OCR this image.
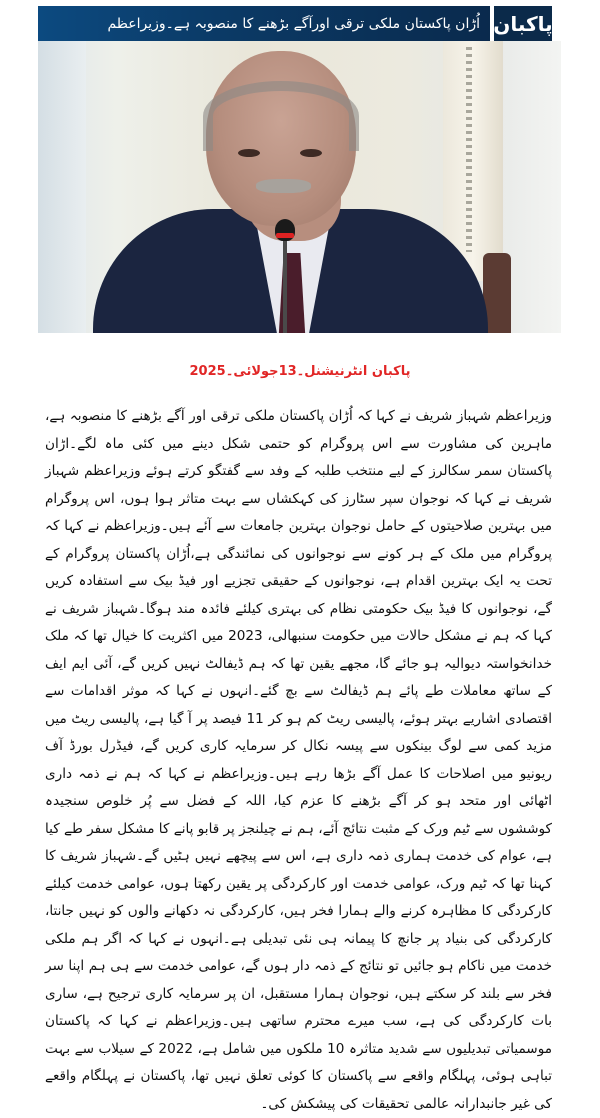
پاکبان
اُڑان پاکستان ملکی ترقی اورآگے بڑھنے کا منصوبہ ہے۔وزیراعظم
پاکبان انٹرنیشنل۔13جولائی۔2025

وزیراعظم شہباز شریف نے کہا کہ اُڑان پاکستان ملکی ترقی اور آگے بڑھنے کا منصوبہ ہے، ماہرین کی مشاورت سے اس پروگرام کو حتمی شکل دینے میں کئی ماہ لگے۔اڑان پاکستان سمر سکالرز کے لیے منتخب طلبہ کے وفد سے گفتگو کرتے ہوئے وزیراعظم شہباز شریف نے کہا کہ نوجوان سپر سٹارز کی کہکشاں سے بہت متاثر ہوا ہوں، اس پروگرام میں بہترین صلاحیتوں کے حامل نوجوان بہترین جامعات سے آئے ہیں۔وزیراعظم نے کہا کہ پروگرام میں ملک کے ہر کونے سے نوجوانوں کی نمائندگی ہے،اُڑان پاکستان پروگرام کے تحت یہ ایک بہترین اقدام ہے، نوجوانوں کے حقیقی تجزیے اور فیڈ بیک سے استفادہ کریں گے، نوجوانوں کا فیڈ بیک حکومتی نظام کی بہتری کیلئے فائدہ مند ہوگا۔شہباز شریف نے کہا کہ ہم نے مشکل حالات میں حکومت سنبھالی، 2023 میں اکثریت کا خیال تھا کہ ملک خدانخواستہ دیوالیہ ہو جائے گا، مجھے یقین تھا کہ ہم ڈیفالٹ نہیں کریں گے، آئی ایم ایف کے ساتھ معاملات طے پائے ہم ڈیفالٹ سے بچ گئے۔انہوں نے کہا کہ موثر اقدامات سے اقتصادی اشاریے بہتر ہوئے، پالیسی ریٹ کم ہو کر 11 فیصد پر آ گیا ہے، پالیسی ریٹ میں مزید کمی سے لوگ بینکوں سے پیسہ نکال کر سرمایہ کاری کریں گے، فیڈرل بورڈ آف ریونیو میں اصلاحات کا عمل آگے بڑھا رہے ہیں۔وزیراعظم نے کہا کہ ہم نے ذمہ داری اٹھائی اور متحد ہو کر آگے بڑھنے کا عزم کیا، اللہ کے فضل سے پُر خلوص سنجیدہ کوششوں سے ٹیم ورک کے مثبت نتائج آئے، ہم نے چیلنجز پر قابو پانے کا مشکل سفر طے کیا ہے، عوام کی خدمت ہماری ذمہ داری ہے، اس سے پیچھے نہیں ہٹیں گے۔شہباز شریف کا کہنا تھا کہ ٹیم ورک، عوامی خدمت اور کارکردگی پر یقین رکھتا ہوں، عوامی خدمت کیلئے کارکردگی کا مظاہرہ کرنے والے ہمارا فخر ہیں، کارکردگی نہ دکھانے والوں کو نہیں جانتا، کارکردگی کی بنیاد پر جانچ کا پیمانہ ہی نئی تبدیلی ہے۔انہوں نے کہا کہ اگر ہم ملکی خدمت میں ناکام ہو جائیں تو نتائج کے ذمہ دار ہوں گے، عوامی خدمت سے ہی ہم اپنا سر فخر سے بلند کر سکتے ہیں، نوجوان ہمارا مستقبل، ان پر سرمایہ کاری ترجیح ہے، ساری بات کارکردگی کی ہے، سب میرے محترم ساتھی ہیں۔وزیراعظم نے کہا کہ پاکستان موسمیاتی تبدیلیوں سے شدید متاثرہ 10 ملکوں میں شامل ہے، 2022 کے سیلاب سے بہت تباہی ہوئی، پہلگام واقعے سے پاکستان کا کوئی تعلق نہیں تھا، پاکستان نے پہلگام واقعے کی غیر جانبدارانہ عالمی تحقیقات کی پیشکش کی۔
